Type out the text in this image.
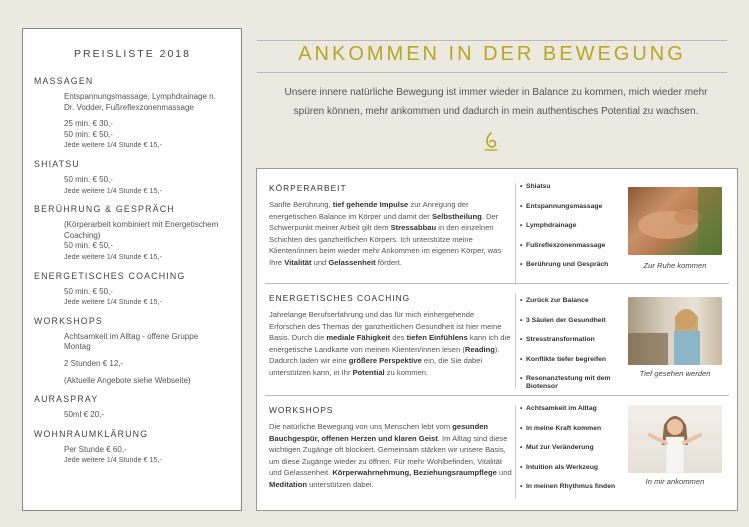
PREISLISTE 2018
MASSAGEN
Entspannungsmassage, Lymphdrainage n.
Dr. Vodder, Fußreflexzonenmassage
25 min. € 30,-
50 min. € 50,-
Jede weitere 1/4 Stunde € 15,-
SHIATSU
50 min. € 50,-
Jede weitere 1/4 Stunde € 15,-
BERÜHRUNG & GESPRÄCH
(Körperarbeit kombiniert mit Energetischem
Coaching)
50 min. € 50,-
Jede weitere 1/4 Stunde € 15,-
ENERGETISCHES COACHING
50 min. € 50,-
Jede weitere 1/4 Stunde € 15,-
WORKSHOPS
Achtsamkeit im Alltag - offene Gruppe
Montag
2 Stunden € 12,-
(Aktuelle Angebote siehe Webseite)
AURASPRAY
50ml € 20,-
WOHNRAUMKLÄRUNG
Per Stunde € 60,-
Jede weitere 1/4 Stunde € 15,-
ANKOMMEN IN DER BEWEGUNG
Unsere innere natürliche Bewegung ist immer wieder in Balance zu kommen, mich wieder mehr
spüren können, mehr ankommen und dadurch in mein authentisches Potential zu wachsen.
KÖRPERARBEIT
Sanfte Berührung, tief gehende Impulse zur Anregung der energetischen Balance im Körper und damit der Selbstheilung. Der Schwerpunkt meiner Arbeit gilt dem Stressabbau in den einzelnen Schichten des ganzheitlichen Körpers. Ich unterstütze meine Klienten/innen beim wieder mehr Ankommen im eigenen Körper, was Ihre Vitalität und Gelassenheit fördert.
• Shiatsu
• Entspannungsmassage
• Lymphdrainage
• Fußreflexzonenmassage
• Berührung und Gespräch	Zur Ruhe kommen
ENERGETISCHES COACHING
Jahrelange Berufserfahrung und das für mich einhergehende Erforschen des Themas der ganzheitlichen Gesundheit ist hier meine Basis. Durch die mediale Fähigkeit des tiefen Einfühlens kann ich die energetische Landkarte von meinen Klienten/innen lesen (Reading). Dadurch laden wir eine größere Perspektive ein, die Sie dabei unterstützen kann, in Ihr Potential zu kommen.
• Zurück zur Balance
• 3 Säulen der Gesundheit
• Stresstransformation
• Konflikte tiefer begreifen
• Resonanztestung mit dem Biotensor
Tief gesehen werden
WORKSHOPS
Die natürliche Bewegung von uns Menschen lebt vom gesunden Bauchgespür, offenen Herzen und klaren Geist. Im Alltag sind diese wichtigen Zugänge oft blockiert. Gemeinsam stärken wir unsere Basis, um diese Zugänge wieder zu öffnen. Für mehr Wohlbefinden, Vitalität und Gelassenheit. Körperwahrnehmung, Beziehungsraumpflege und Meditation unterstützen dabei.
• Achtsamkeit im Alltag
• In meine Kraft kommen
• Mut zur Veränderung
• Intuition als Werkzeug
• In meinen Rhythmus finden
In mir ankommen
